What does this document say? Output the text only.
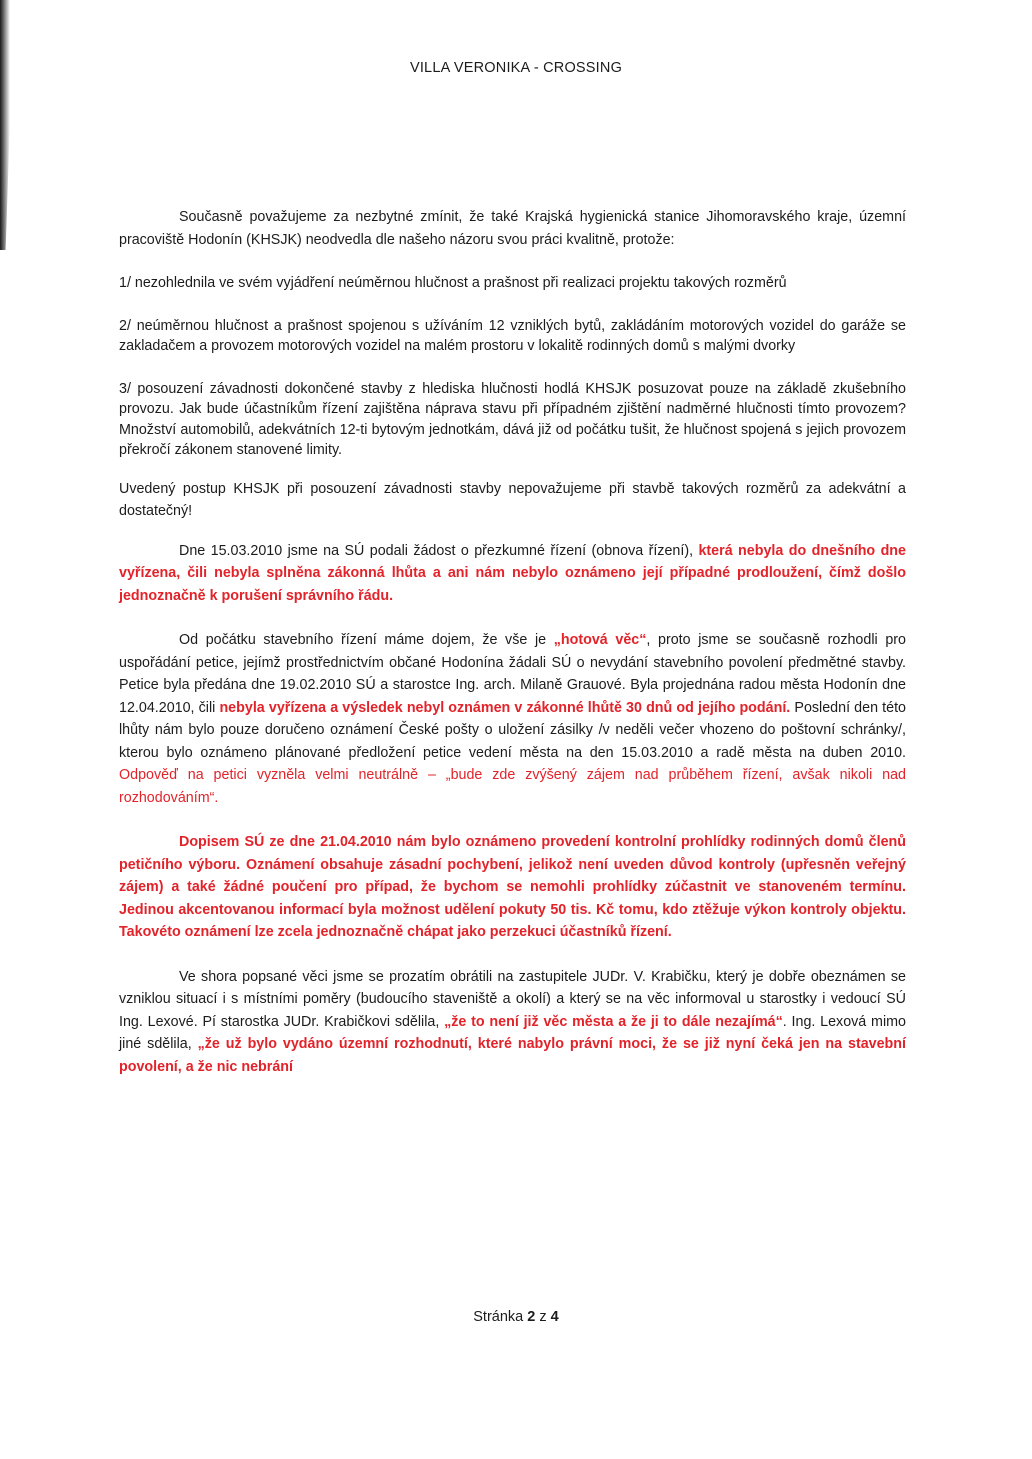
VILLA VERONIKA - CROSSING

Současně považujeme za nezbytné zmínit, že také Krajská hygienická stanice Jihomoravského kraje, územní pracoviště Hodonín (KHSJK) neodvedla dle našeho názoru svou práci kvalitně, protože:

1/ nezohlednila ve svém vyjádření neúměrnou hlučnost a prašnost při realizaci projektu takových rozměrů

2/ neúměrnou hlučnost a prašnost spojenou s užíváním 12 vzniklých bytů, zakládáním motorových vozidel do garáže se zakladačem a provozem motorových vozidel na malém prostoru v lokalitě rodinných domů s malými dvorky

3/ posouzení závadnosti dokončené stavby z hlediska hlučnosti hodlá KHSJK posuzovat pouze na základě zkušebního provozu. Jak bude účastníkům řízení zajištěna náprava stavu při případném zjištění nadměrné hlučnosti tímto provozem? Množství automobilů, adekvátních 12-ti bytovým jednotkám, dává již od počátku tušit, že hlučnost spojená s jejich provozem překročí zákonem stanovené limity.

Uvedený postup KHSJK při posouzení závadnosti stavby nepovažujeme při stavbě takových rozměrů za adekvátní a dostatečný!

Dne 15.03.2010 jsme na SÚ podali žádost o přezkumné řízení (obnova řízení), která nebyla do dnešního dne vyřízena, čili nebyla splněna zákonná lhůta a ani nám nebylo oznámeno její případné prodloužení, čímž došlo jednoznačně k porušení správního řádu.

Od počátku stavebního řízení máme dojem, že vše je „hotová věc“, proto jsme se současně rozhodli pro uspořádání petice, jejímž prostřednictvím občané Hodonína žádali SÚ o nevydání stavebního povolení předmětné stavby. Petice byla předána dne 19.02.2010 SÚ a starostce Ing. arch. Milaně Grauové. Byla projednána radou města Hodonín dne 12.04.2010, čili nebyla vyřízena a výsledek nebyl oznámen v zákonné lhůtě 30 dnů od jejího podání. Poslední den této lhůty nám bylo pouze doručeno oznámení České pošty o uložení zásilky /v neděli večer vhozeno do poštovní schránky/, kterou bylo oznámeno plánované předložení petice vedení města na den 15.03.2010 a radě města na duben 2010. Odpověď na petici vyzněla velmi neutrálně – „bude zde zvýšený zájem nad průběhem řízení, avšak nikoli nad rozhodováním“.

Dopisem SÚ ze dne 21.04.2010 nám bylo oznámeno provedení kontrolní prohlídky rodinných domů členů petičního výboru. Oznámení obsahuje zásadní pochybení, jelikož není uveden důvod kontroly (upřesněn veřejný zájem) a také žádné poučení pro případ, že bychom se nemohli prohlídky zúčastnit ve stanoveném termínu. Jedinou akcentovanou informací byla možnost udělení pokuty 50 tis. Kč tomu, kdo ztěžuje výkon kontroly objektu. Takovéto oznámení lze zcela jednoznačně chápat jako perzekuci účastníků řízení.

Ve shora popsané věci jsme se prozatím obrátili na zastupitele JUDr. V. Krabičku, který je dobře obeznámen se vzniklou situací i s místními poměry (budoucího staveniště a okolí) a který se na věc informoval u starostky i vedoucí SÚ Ing. Lexové. Pí starostka JUDr. Krabičkovi sdělila, „že to není již věc města a že ji to dále nezajímá“. Ing. Lexová mimo jiné sdělila, „že už bylo vydáno územní rozhodnutí, které nabylo právní moci, že se již nyní čeká jen na stavební povolení, a že nic nebrání

Stránka 2 z 4
